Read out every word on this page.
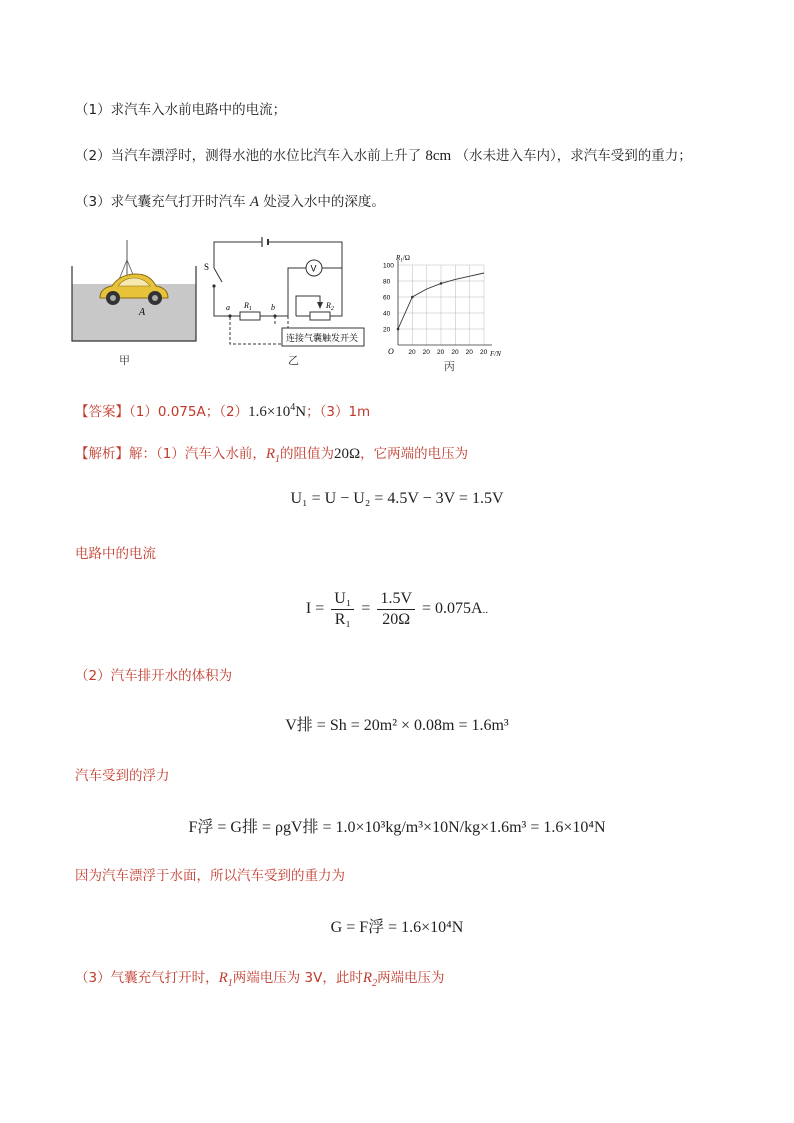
（1）求汽车入水前电路中的电流；
（2）当汽车漂浮时，测得水池的水位比汽车入水前上升了 8cm （水未进入车内），求汽车受到的重力；
（3）求气囊充气打开时汽车 A 处浸入水中的深度。
A
甲
V
S
a	b
$R_1$	$R_2$
连接气囊触发开关
乙
100
80
60
40
20
20 20 20 20 20 20
O
$R_1/\Omega$
F/N
丙
【答案】（1）0.075A；$(2)1.6\times 10^4N$；（3）1m
【解析】解：（1）汽车入水前，$R_1$的阻值为20Ω，它两端的电压为
U₁ = U − U₂ = 4.5V − 3V = 1.5V
电路中的电流
$I = \frac{\text{U₁}}{\text{R₁}} = \frac{1.5V}{20\Omega} = 0.075A$..
（2）汽车排开水的体积为
V排 = Sh = 20m² × 0.08m = 1.6m³
汽车受到的浮力
F浮 = G排 = ρgV排 = 1.0×10³kg/m³×10N/kg×1.6m³ = 1.6×10⁴N
因为汽车漂浮于水面，所以汽车受到的重力为
G = F浮 = 1.6×10⁴N
（3）气囊充气打开时，$R_1$两端电压为 3V，此时$R_2$两端电压为
